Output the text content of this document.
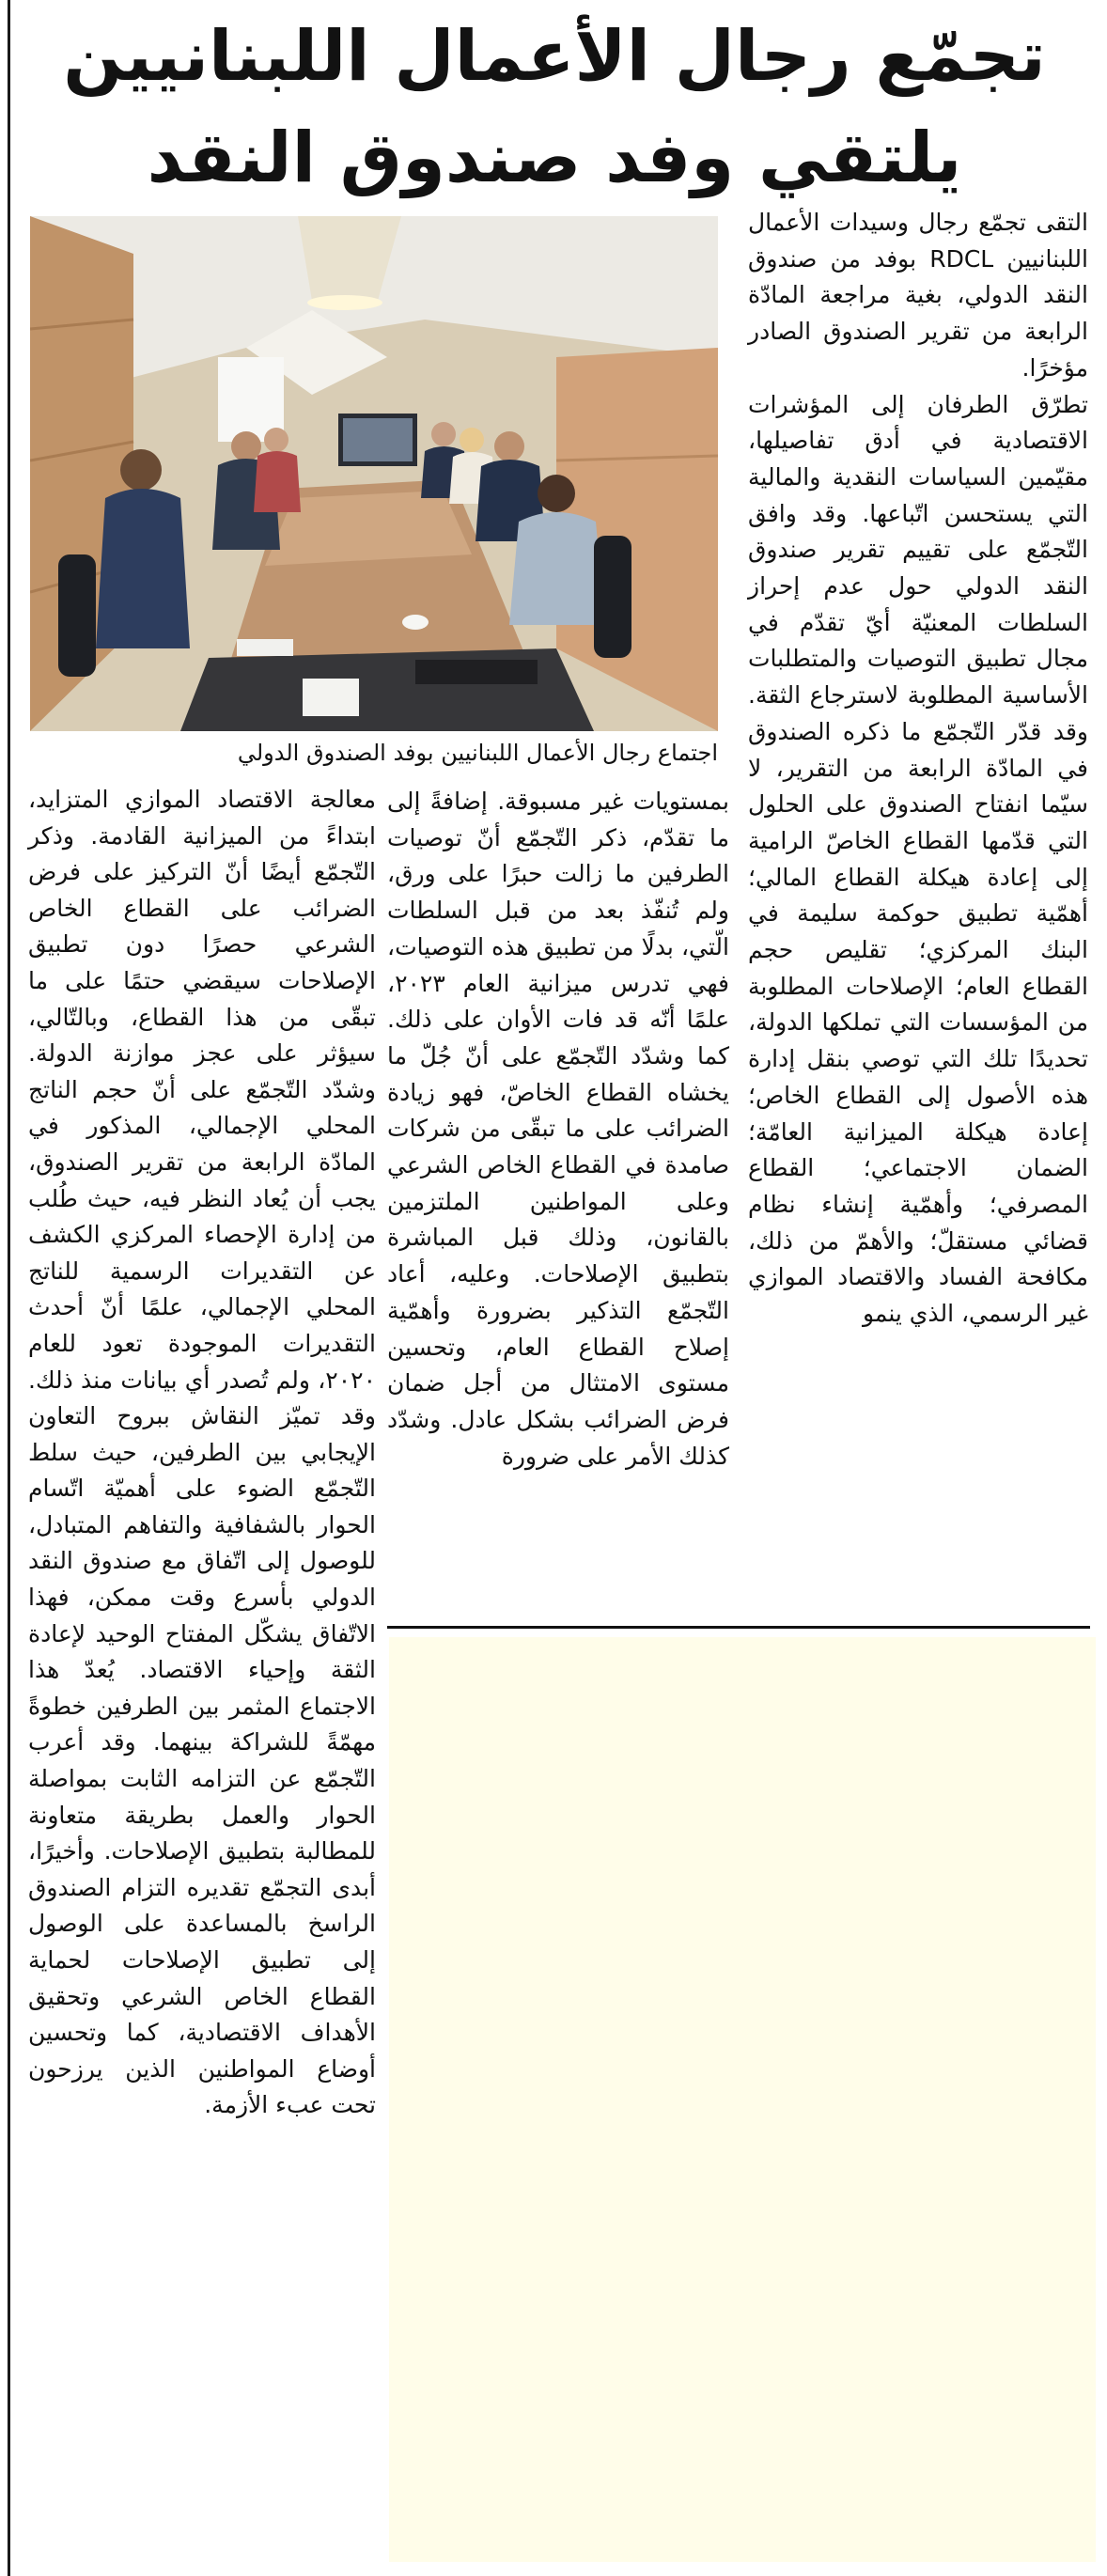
تجمّع رجال الأعمال اللبنانيين
يلتقي وفد صندوق النقد

اجتماع رجال الأعمال اللبنانيين بوفد الصندوق الدولي

التقى تجمّع رجال وسيدات الأعمال اللبنانيين RDCL بوفد من صندوق النقد الدولي، بغية مراجعة المادّة الرابعة من تقرير الصندوق الصادر مؤخرًا.
تطرّق الطرفان إلى المؤشرات الاقتصادية في أدق تفاصيلها، مقيّمين السياسات النقدية والمالية التي يستحسن اتّباعها. وقد وافق التّجمّع على تقييم تقرير صندوق النقد الدولي حول عدم إحراز السلطات المعنيّة أيّ تقدّم في مجال تطبيق التوصيات والمتطلبات الأساسية المطلوبة لاسترجاع الثقة. وقد قدّر التّجمّع ما ذكره الصندوق في المادّة الرابعة من التقرير، لا سيّما انفتاح الصندوق على الحلول التي قدّمها القطاع الخاصّ الرامية إلى إعادة هيكلة القطاع المالي؛ أهمّية تطبيق حوكمة سليمة في البنك المركزي؛ تقليص حجم القطاع العام؛ الإصلاحات المطلوبة من المؤسسات التي تملكها الدولة، تحديدًا تلك التي توصي بنقل إدارة هذه الأصول إلى القطاع الخاص؛ إعادة هيكلة الميزانية العامّة؛ الضمان الاجتماعي؛ القطاع المصرفي؛ وأهمّية إنشاء نظام قضائي مستقلّ؛ والأهمّ من ذلك، مكافحة الفساد والاقتصاد الموازي غير الرسمي، الذي ينمو

بمستويات غير مسبوقة. إضافةً إلى ما تقدّم، ذكر التّجمّع أنّ توصيات الطرفين ما زالت حبرًا على ورق، ولم تُنفّذ بعد من قبل السلطات الّتي، بدلًا من تطبيق هذه التوصيات، فهي تدرس ميزانية العام ٢٠٢٣، علمًا أنّه قد فات الأوان على ذلك. كما وشدّد التّجمّع على أنّ جُلّ ما يخشاه القطاع الخاصّ، فهو زيادة الضرائب على ما تبقّى من شركات صامدة في القطاع الخاص الشرعي وعلى المواطنين الملتزمين بالقانون، وذلك قبل المباشرة بتطبيق الإصلاحات. وعليه، أعاد التّجمّع التذكير بضرورة وأهمّية إصلاح القطاع العام، وتحسين مستوى الامتثال من أجل ضمان فرض الضرائب بشكل عادل. وشدّد كذلك الأمر على ضرورة

معالجة الاقتصاد الموازي المتزايد، ابتداءً من الميزانية القادمة. وذكر التّجمّع أيضًا أنّ التركيز على فرض الضرائب على القطاع الخاص الشرعي حصرًا دون تطبيق الإصلاحات سيقضي حتمًا على ما تبقّى من هذا القطاع، وبالتّالي، سيؤثر على عجز موازنة الدولة. وشدّد التّجمّع على أنّ حجم الناتج المحلي الإجمالي، المذكور في المادّة الرابعة من تقرير الصندوق، يجب أن يُعاد النظر فيه، حيث طُلب من إدارة الإحصاء المركزي الكشف عن التقديرات الرسمية للناتج المحلي الإجمالي، علمًا أنّ أحدث التقديرات الموجودة تعود للعام ٢٠٢٠، ولم تُصدر أي بيانات منذ ذلك. وقد تميّز النقاش ببروح التعاون الإيجابي بين الطرفين، حيث سلط التّجمّع الضوء على أهميّة اتّسام الحوار بالشفافية والتفاهم المتبادل، للوصول إلى اتّفاق مع صندوق النقد الدولي بأسرع وقت ممكن، فهذا الاتّفاق يشكّل المفتاح الوحيد لإعادة الثقة وإحياء الاقتصاد. يُعدّ هذا الاجتماع المثمر بين الطرفين خطوةً مهمّةً للشراكة بينهما. وقد أعرب التّجمّع عن التزامه الثابت بمواصلة الحوار والعمل بطريقة متعاونة للمطالبة بتطبيق الإصلاحات. وأخيرًا، أبدى التجمّع تقديره التزام الصندوق الراسخ بالمساعدة على الوصول إلى تطبيق الإصلاحات لحماية القطاع الخاص الشرعي وتحقيق الأهداف الاقتصادية، كما وتحسين أوضاع المواطنين الذين يرزحون تحت عبء الأزمة.
